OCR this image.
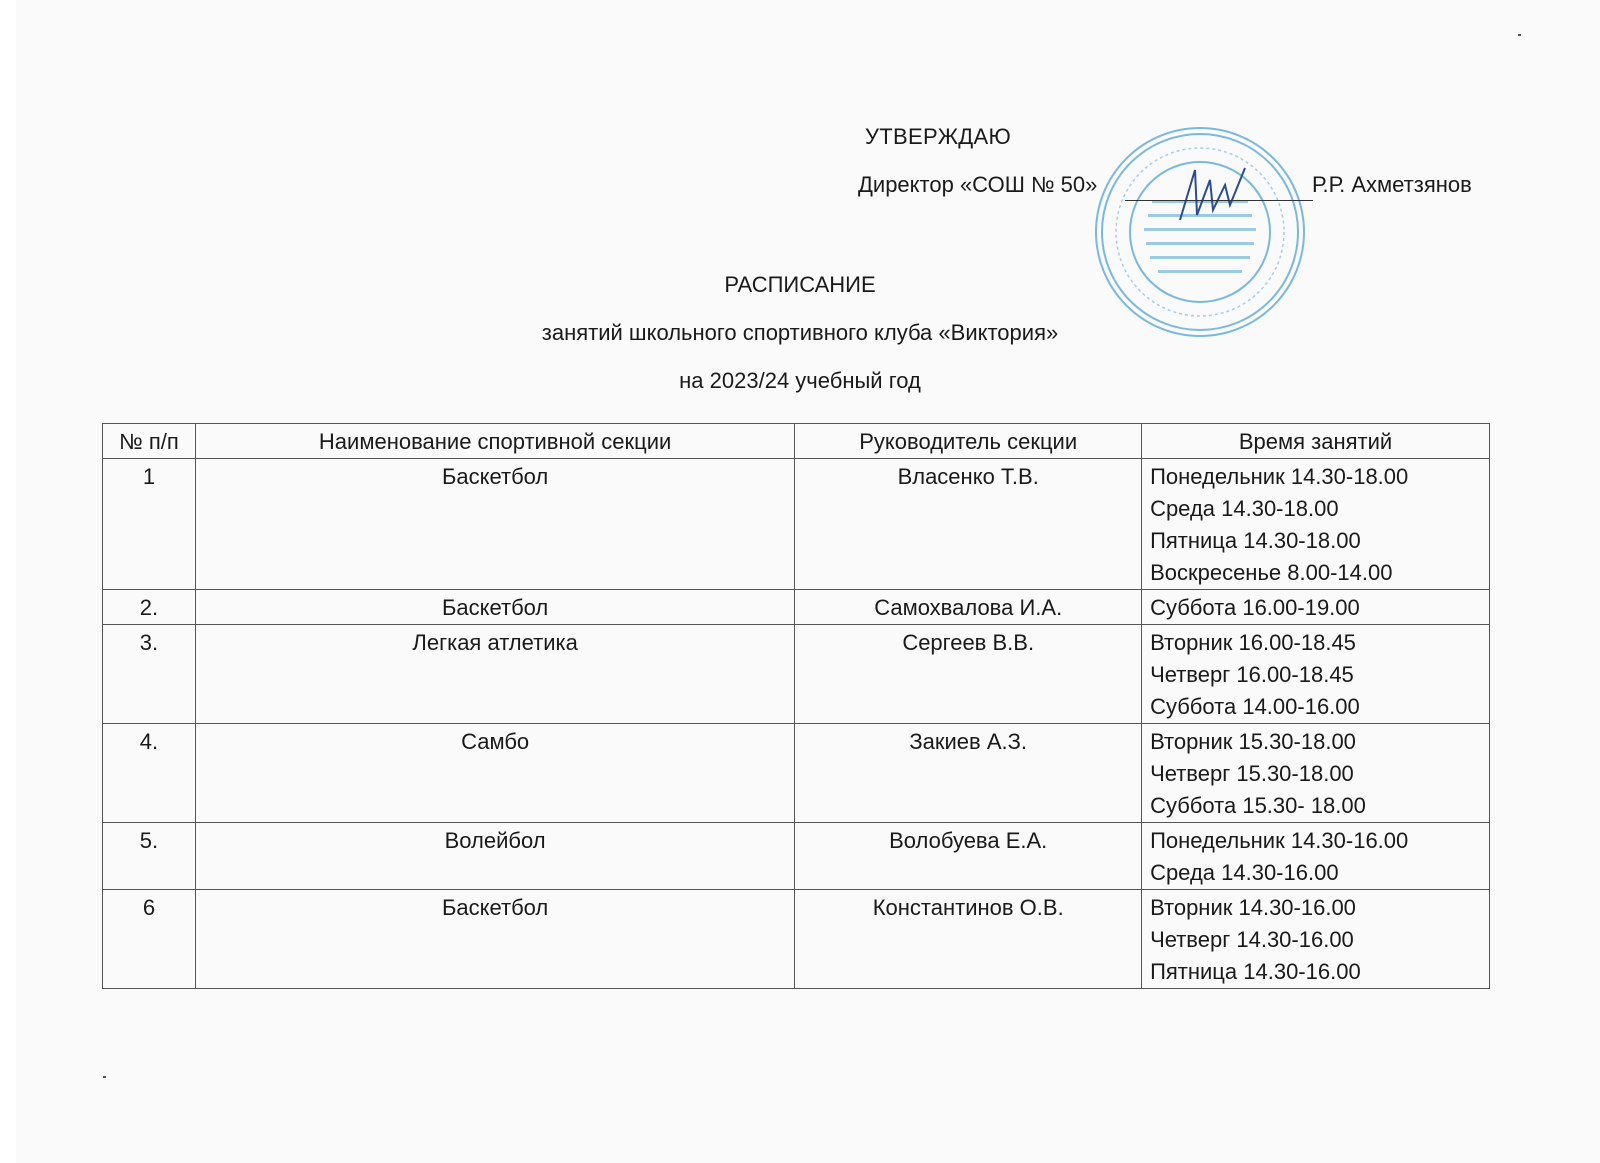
УТВЕРЖДАЮ
Директор «СОШ № 50»	Р.Р. Ахметзянов
РАСПИСАНИЕ
занятий школьного спортивного клуба «Виктория»
на 2023/24 учебный год
№ п/п	Наименование спортивной секции	Руководитель секции	Время занятий
1	Баскетбол	Власенко Т.В.	Понедельник 14.30-18.00
Среда 14.30-18.00
Пятница 14.30-18.00
Воскресенье 8.00-14.00

2.	Баскетбол	Самохвалова И.А.	Суббота 16.00-19.00

3.	Легкая атлетика	Сергеев В.В.	Вторник 16.00-18.45
Четверг 16.00-18.45
Суббота 14.00-16.00

4.	Самбо	Закиев А.З.	Вторник 15.30-18.00
Четверг 15.30-18.00
Суббота 15.30- 18.00

5.	Волейбол	Волобуева Е.А.	Понедельник 14.30-16.00
Среда 14.30-16.00

6	Баскетбол	Константинов О.В.	Вторник 14.30-16.00
Четверг 14.30-16.00
Пятница 14.30-16.00
